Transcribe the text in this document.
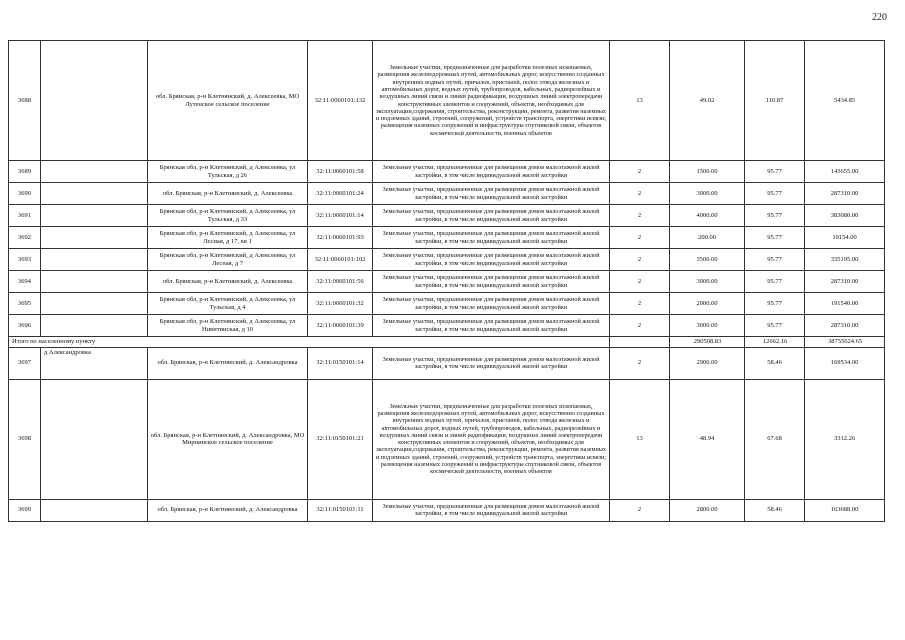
220
3688		обл. Брянская, р-н Клетнянский, д. Алексеевка, МО Лутенское сельское поселение	32:11:0060101:132	Земельные участки, предназначенные для разработки полезных ископаемых, размещения железнодорожных путей, автомобильных дорог, искусственно созданных внутренних водных путей, причалов, пристаней, полос отвода железных и автомобильных дорог, водных путей, трубопроводов, кабельных, радиорелейных и воздушных линий связи и линий радиофикации, воздушных линий электропередачи конструктивных элементов и сооружений, объектов, необходимых для эксплуатации,содержания, строительства, реконструкции, ремонта, развития наземных и подземных зданий, строений, сооружений, устройств транспорта, энергетики исвязи; размещения наземных сооружений и инфраструктуры спутниковой связи, объектов космической деятельности, военных объектов	13	49.02	110.87	5434.85
3689		Брянская обл, р-н Клетнянский, д Алексеевка, ул Тульская, д 26	32:11:0060101:58	Земельные участки, предназначенные для размещения домов малоэтажной жилой застройки, в том числе индивидуальной жилой застройки	2	1500.00	95.77	143655.00
3690		обл. Брянская, р-н Клетнянский, д. Алексеевка	32:11:0060101:24	Земельные участки, предназначенные для размещения домов малоэтажной жилой застройки, в том числе индивидуальной жилой застройки	2	3000.00	95.77	287310.00
3691		Брянская обл, р-н Клетнянский, д Алексеевка, ул Тульская, д 33	32:11:0060101:14	Земельные участки, предназначенные для размещения домов малоэтажной жилой застройки, в том числе индивидуальной жилой застройки	2	4000.00	95.77	383080.00
3692		Брянская обл, р-н Клетнянский, д Алексеевка, ул Лесная, д 17, кв 1	32:11:0060101:93	Земельные участки, предназначенные для размещения домов малоэтажной жилой застройки, в том числе индивидуальной жилой застройки	2	200.00	95.77	19154.00
3693		Брянская обл, р-н Клетнянский, д Алексеевка, ул Лесная, д 7	32:11:0060101:102	Земельные участки, предназначенные для размещения домов малоэтажной жилой застройки, в том числе индивидуальной жилой застройки	2	3500.00	95.77	335195.00
3694		обл. Брянская, р-н Клетнянский, д. Алексеевка	32:11:0060101:56	Земельные участки, предназначенные для размещения домов малоэтажной жилой застройки, в том числе индивидуальной жилой застройки	2	3000.00	95.77	287310.00
3695		Брянская обл, р-н Клетнянский, д Алексеевка, ул Тульская, д 4	32:11:0060101:32	Земельные участки, предназначенные для размещения домов малоэтажной жилой застройки, в том числе индивидуальной жилой застройки	2	2000.00	95.77	191540.00
3696		Брянская обл, р-н Клетнянский, д Алексеевка, ул Нивитинская, д 10	32:11:0060101:39	Земельные участки, предназначенные для размещения домов малоэтажной жилой застройки, в том числе индивидуальной жилой застройки	2	3000.00	95.77	287310.00
Итого по населенному пункту						290508.83	12662.16	38755624.65
3697	д Александровка	обл. Брянская, р-н Клетнянский, д. Александровка	32:11:0150101:14	Земельные участки, предназначенные для размещения домов малоэтажной жилой застройки, в том числе индивидуальной жилой застройки	2	2900.00	58.46	169534.00
3698		обл. Брянская, р-н Клетнянский, д. Александровка, МО Мирнинское сельское поселение	32:11:0150101:21	Земельные участки, предназначенные для разработки полезных ископаемых, размещения железнодорожных путей, автомобильных дорог, искусственно созданных внутренних водных путей, причалов, пристаней, полос отвода железных и автомобильных дорог, водных путей, трубопроводов, кабельных, радиорелейных и воздушных линий связи и линий радиофикации, воздушных линий электропередачи конструктивных элементов и сооружений, объектов, необходимых для эксплуатации,содержания, строительства, реконструкции, ремонта, развития наземных и подземных зданий, строений, сооружений, устройств транспорта, энергетики исвязи; размещения наземных сооружений и инфраструктуры спутниковой связи, объектов космической деятельности, военных объектов	13	48.94	67.68	3312.26
3699		обл. Брянская, р-н Клетнянский, д. Александровка	32:11:0150101:11	Земельные участки, предназначенные для размещения домов малоэтажной жилой застройки, в том числе индивидуальной жилой застройки	2	2800.00	58.46	163688.00
